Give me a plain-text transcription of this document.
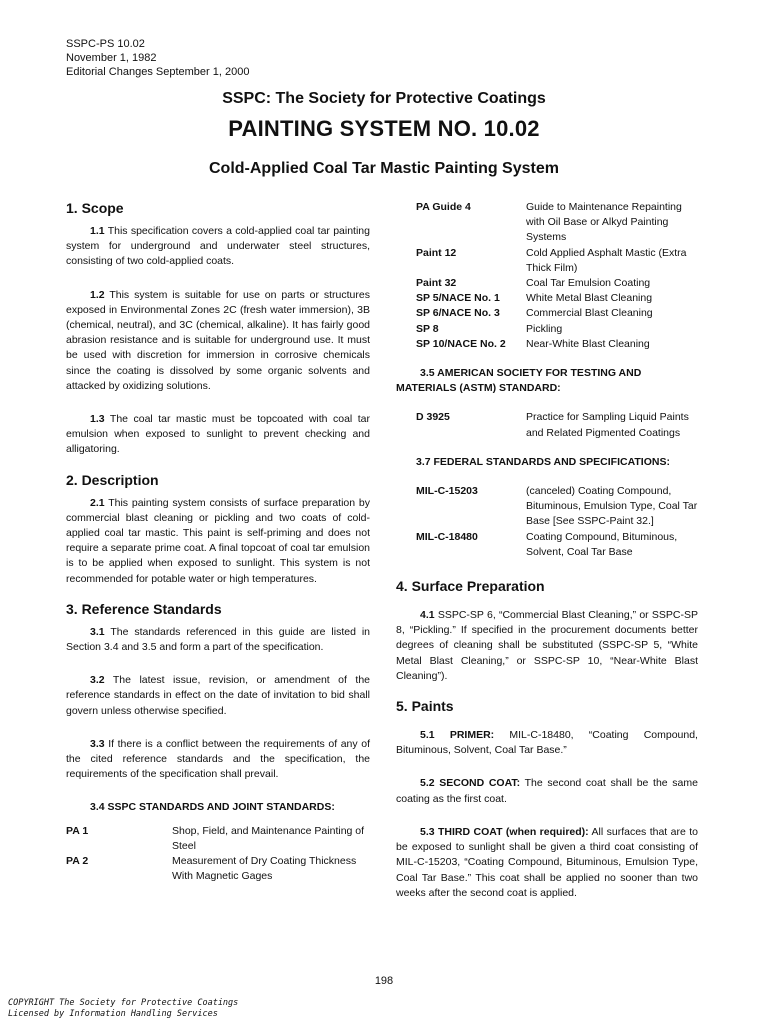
SSPC-PS 10.02
November 1, 1982
Editorial Changes September 1, 2000
SSPC: The Society for Protective Coatings
PAINTING SYSTEM NO. 10.02
Cold-Applied Coal Tar Mastic Painting System
1. Scope

1.1 This specification covers a cold-applied coal tar painting system for underground and underwater steel structures, consisting of two cold-applied coats.

1.2 This system is suitable for use on parts or structures exposed in Environmental Zones 2C (fresh water immersion), 3B (chemical, neutral), and 3C (chemical, alkaline). It has fairly good abrasion resistance and is suitable for underground use. It must be used with discretion for immersion in corrosive chemicals since the coating is dissolved by some organic solvents and attacked by oxidizing solutions.

1.3 The coal tar mastic must be topcoated with coal tar emulsion when exposed to sunlight to prevent checking and alligatoring.

2. Description

2.1 This painting system consists of surface preparation by commercial blast cleaning or pickling and two coats of cold-applied coal tar mastic. This paint is self-priming and does not require a separate prime coat. A final topcoat of coal tar emulsion is to be applied when exposed to sunlight. This system is not recommended for potable water or high temperatures.

3. Reference Standards

3.1 The standards referenced in this guide are listed in Section 3.4 and 3.5 and form a part of the specification.

3.2 The latest issue, revision, or amendment of the reference standards in effect on the date of invitation to bid shall govern unless otherwise specified.

3.3 If there is a conflict between the requirements of any of the cited reference standards and the specification, the requirements of the specification shall prevail.

3.4 SSPC STANDARDS AND JOINT STANDARDS:

PA 1	Shop, Field, and Maintenance Painting of Steel
PA 2	Measurement of Dry Coating Thickness With Magnetic Gages
PA Guide 4	Guide to Maintenance Repainting with Oil Base or Alkyd Painting Systems
Paint 12	Cold Applied Asphalt Mastic (Extra Thick Film)
Paint 32	Coal Tar Emulsion Coating
SP 5/NACE No. 1	White Metal Blast Cleaning
SP 6/NACE No. 3	Commercial Blast Cleaning
SP 8	Pickling
SP 10/NACE No. 2	Near-White Blast Cleaning

3.5 AMERICAN SOCIETY FOR TESTING AND MATERIALS (ASTM) STANDARD:

D 3925	Practice for Sampling Liquid Paints and Related Pigmented Coatings

3.7 FEDERAL STANDARDS AND SPECIFICATIONS:

MIL-C-15203	(canceled) Coating Compound, Bituminous, Emulsion Type, Coal Tar Base [See SSPC-Paint 32.]
MIL-C-18480	Coating Compound, Bituminous, Solvent, Coal Tar Base
4. Surface Preparation

4.1 SSPC-SP 6, “Commercial Blast Cleaning,” or SSPC-SP 8, “Pickling.” If specified in the procurement documents better degrees of cleaning shall be substituted (SSPC-SP 5, “White Metal Blast Cleaning,” or SSPC-SP 10, “Near-White Blast Cleaning”).

5. Paints

5.1 PRIMER: MIL-C-18480, “Coating Compound, Bituminous, Solvent, Coal Tar Base.”

5.2 SECOND COAT: The second coat shall be the same coating as the first coat.

5.3 THIRD COAT (when required): All surfaces that are to be exposed to sunlight shall be given a third coat consisting of MIL-C-15203, “Coating Compound, Bituminous, Emulsion Type, Coal Tar Base.” This coat shall be applied no sooner than two weeks after the second coat is applied.

198
COPYRIGHT The Society for Protective Coatings
Licensed by Information Handling Services
